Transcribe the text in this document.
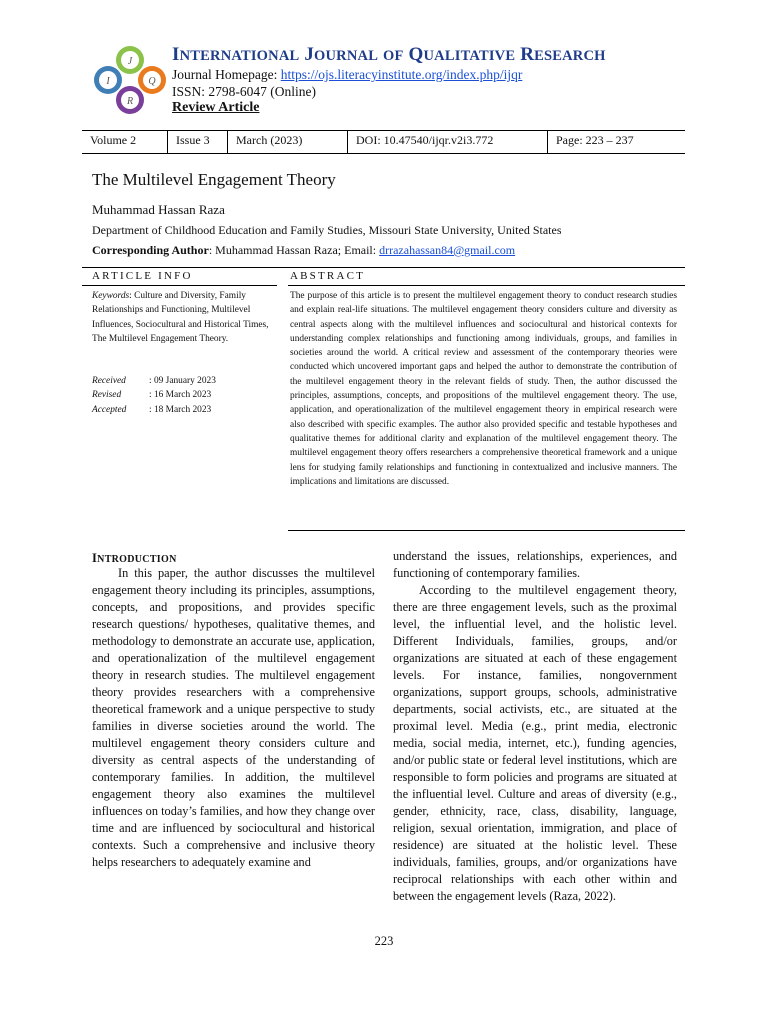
J
I	Q
R
INTERNATIONAL JOURNAL OF QUALITATIVE RESEARCH
Journal Homepage: https://ojs.literacyinstitute.org/index.php/ijqr
ISSN: 2798-6047 (Online)
Review Article
Volume 2	Issue 3	March (2023)	DOI: 10.47540/ijqr.v2i3.772	Page: 223 – 237
The Multilevel Engagement Theory
Muhammad Hassan Raza
Department of Childhood Education and Family Studies, Missouri State University, United States
Corresponding Author: Muhammad Hassan Raza; Email: drrazahassan84@gmail.com
ARTICLE INFO	ABSTRACT
Keywords: Culture and Diversity, Family Relationships and Functioning, Multilevel Influences, Sociocultural and Historical Times, The Multilevel Engagement Theory.
Received : 09 January 2023
Revised	: 16 March 2023
Accepted : 18 March 2023
The purpose of this article is to present the multilevel engagement theory to conduct research studies and explain real-life situations. The multilevel engagement theory considers culture and diversity as central aspects along with the multilevel influences and sociocultural and historical contexts for understanding complex relationships and functioning among individuals, groups, and families in societies around the world. A critical review and assessment of the contemporary theories were conducted which uncovered important gaps and helped the author to demonstrate the contribution of the multilevel engagement theory in the relevant fields of study. Then, the author discussed the principles, assumptions, concepts, and propositions of the multilevel engagement theory. The use, application, and operationalization of the multilevel engagement theory in empirical research were also described with specific examples. The author also provided specific and testable hypotheses and qualitative themes for additional clarity and explanation of the multilevel engagement theory. The multilevel engagement theory offers researchers a comprehensive theoretical framework and a unique lens for studying family relationships and functioning in contextualized and inclusive manners. The implications and limitations are discussed.
INTRODUCTION

In this paper, the author discusses the multilevel engagement theory including its principles, assumptions, concepts, and propositions, and provides specific research questions/ hypotheses, qualitative themes, and methodology to demonstrate an accurate use, application, and operationalization of the multilevel engagement theory in research studies. The multilevel engagement theory provides researchers with a comprehensive theoretical framework and a unique perspective to study families in diverse societies around the world. The multilevel engagement theory considers culture and diversity as central aspects of the understanding of contemporary families. In addition, the multilevel engagement theory also examines the multilevel influences on today’s families, and how they change over time and are influenced by sociocultural and historical contexts. Such a comprehensive and inclusive theory helps researchers to adequately examine and

understand the issues, relationships, experiences, and functioning of contemporary families.

According to the multilevel engagement theory, there are three engagement levels, such as the proximal level, the influential level, and the holistic level. Different Individuals, families, groups, and/or organizations are situated at each of these engagement levels. For instance, families, nongovernment organizations, support groups, schools, administrative departments, social activists, etc., are situated at the proximal level. Media (e.g., print media, electronic media, social media, internet, etc.), funding agencies, and/or public state or federal level institutions, which are responsible to form policies and programs are situated at the influential level. Culture and areas of diversity (e.g., gender, ethnicity, race, class, disability, language, religion, sexual orientation, immigration, and place of residence) are situated at the holistic level. These individuals, families, groups, and/or organizations have reciprocal relationships with each other within and between the engagement levels (Raza, 2022).

223
